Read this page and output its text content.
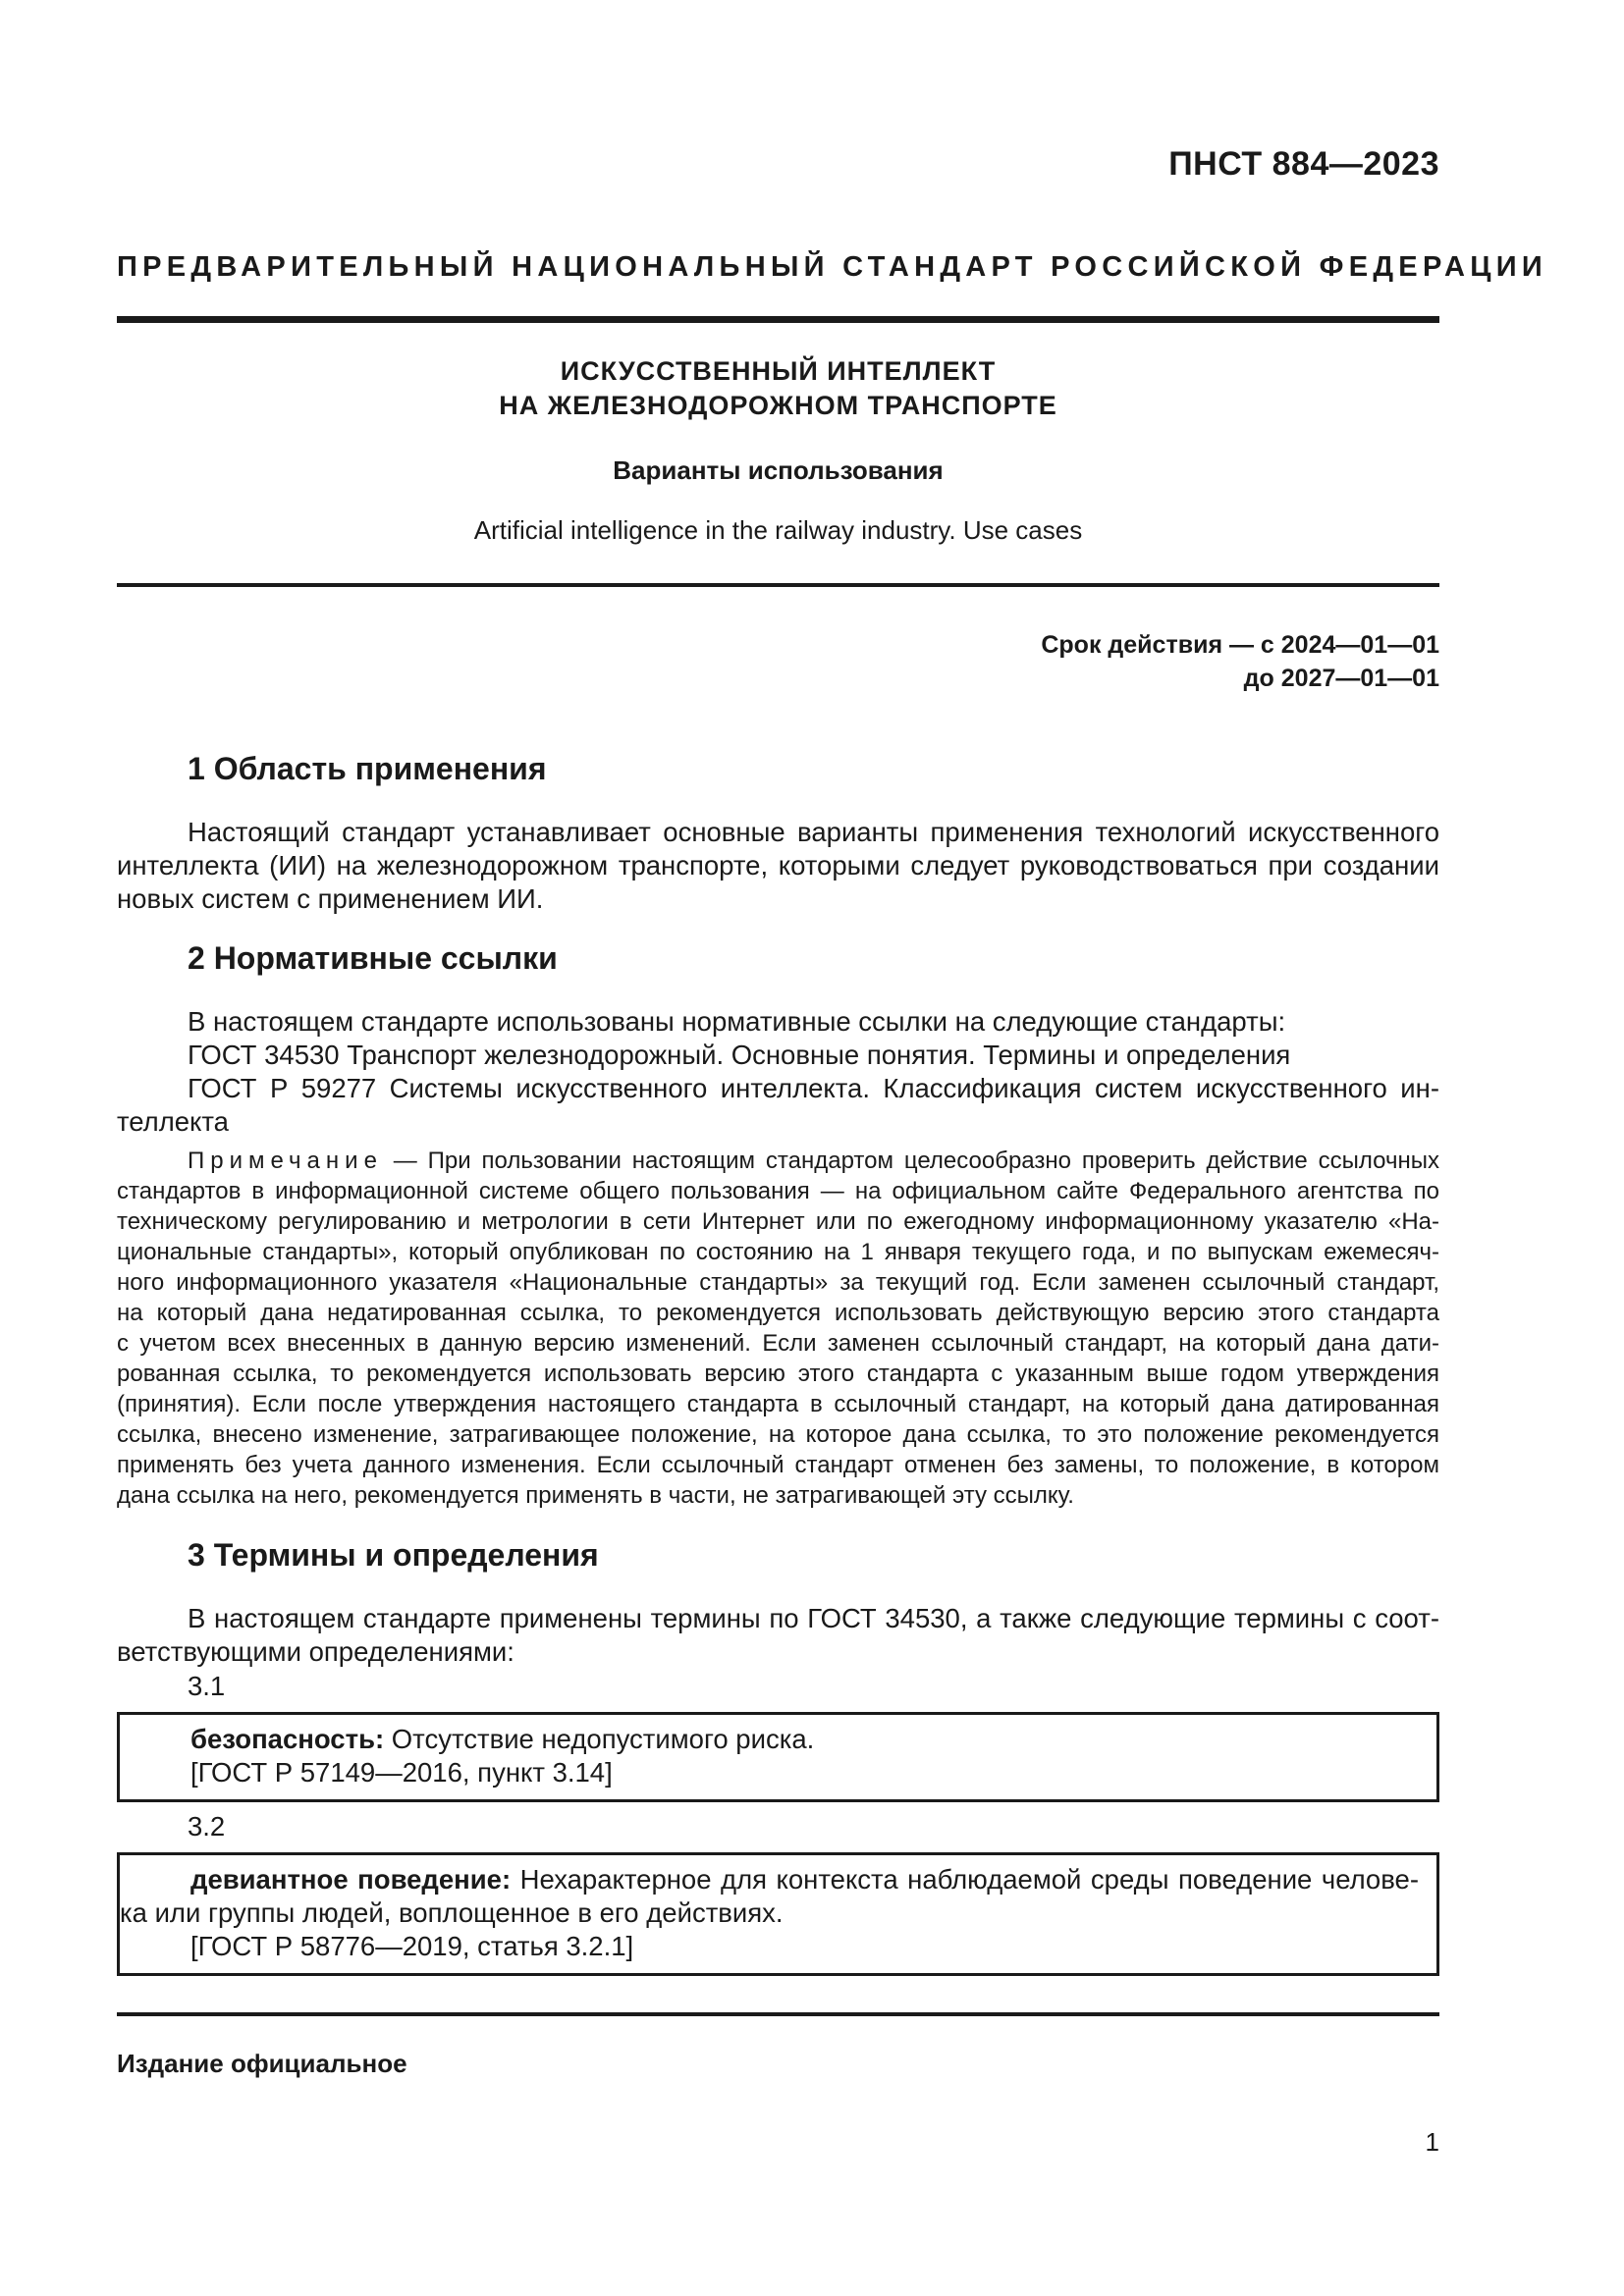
ПНСТ 884—2023
ПРЕДВАРИТЕЛЬНЫЙ НАЦИОНАЛЬНЫЙ СТАНДАРТ РОССИЙСКОЙ ФЕДЕРАЦИИ
ИСКУССТВЕННЫЙ ИНТЕЛЛЕКТ
НА ЖЕЛЕЗНОДОРОЖНОМ ТРАНСПОРТЕ
Варианты использования
Artificial intelligence in the railway industry. Use cases
Срок действия — с 2024—01—01
до 2027—01—01
1 Область применения
Настоящий стандарт устанавливает основные варианты применения технологий искусственного
интеллекта (ИИ) на железнодорожном транспорте, которыми следует руководствоваться при создании
новых систем с применением ИИ.
2 Нормативные ссылки
В настоящем стандарте использованы нормативные ссылки на следующие стандарты:
ГОСТ 34530 Транспорт железнодорожный. Основные понятия. Термины и определения
ГОСТ Р 59277 Системы искусственного интеллекта. Классификация систем искусственного ин-
теллекта
Примечание — При пользовании настоящим стандартом целесообразно проверить действие ссылочных
стандартов в информационной системе общего пользования — на официальном сайте Федерального агентства по
техническому регулированию и метрологии в сети Интернет или по ежегодному информационному указателю «На-
циональные стандарты», который опубликован по состоянию на 1 января текущего года, и по выпускам ежемесяч-
ного информационного указателя «Национальные стандарты» за текущий год. Если заменен ссылочный стандарт,
на который дана недатированная ссылка, то рекомендуется использовать действующую версию этого стандарта
с учетом всех внесенных в данную версию изменений. Если заменен ссылочный стандарт, на который дана дати-
рованная ссылка, то рекомендуется использовать версию этого стандарта с указанным выше годом утверждения
(принятия). Если после утверждения настоящего стандарта в ссылочный стандарт, на который дана датированная
ссылка, внесено изменение, затрагивающее положение, на которое дана ссылка, то это положение рекомендуется
применять без учета данного изменения. Если ссылочный стандарт отменен без замены, то положение, в котором
дана ссылка на него, рекомендуется применять в части, не затрагивающей эту ссылку.
3 Термины и определения
В настоящем стандарте применены термины по ГОСТ 34530, а также следующие термины с соот-
ветствующими определениями:
3.1
безопасность: Отсутствие недопустимого риска.
[ГОСТ Р 57149—2016, пункт 3.14]
3.2
девиантное поведение: Нехарактерное для контекста наблюдаемой среды поведение челове-
ка или группы людей, воплощенное в его действиях.
[ГОСТ Р 58776—2019, статья 3.2.1]
Издание официальное
1
